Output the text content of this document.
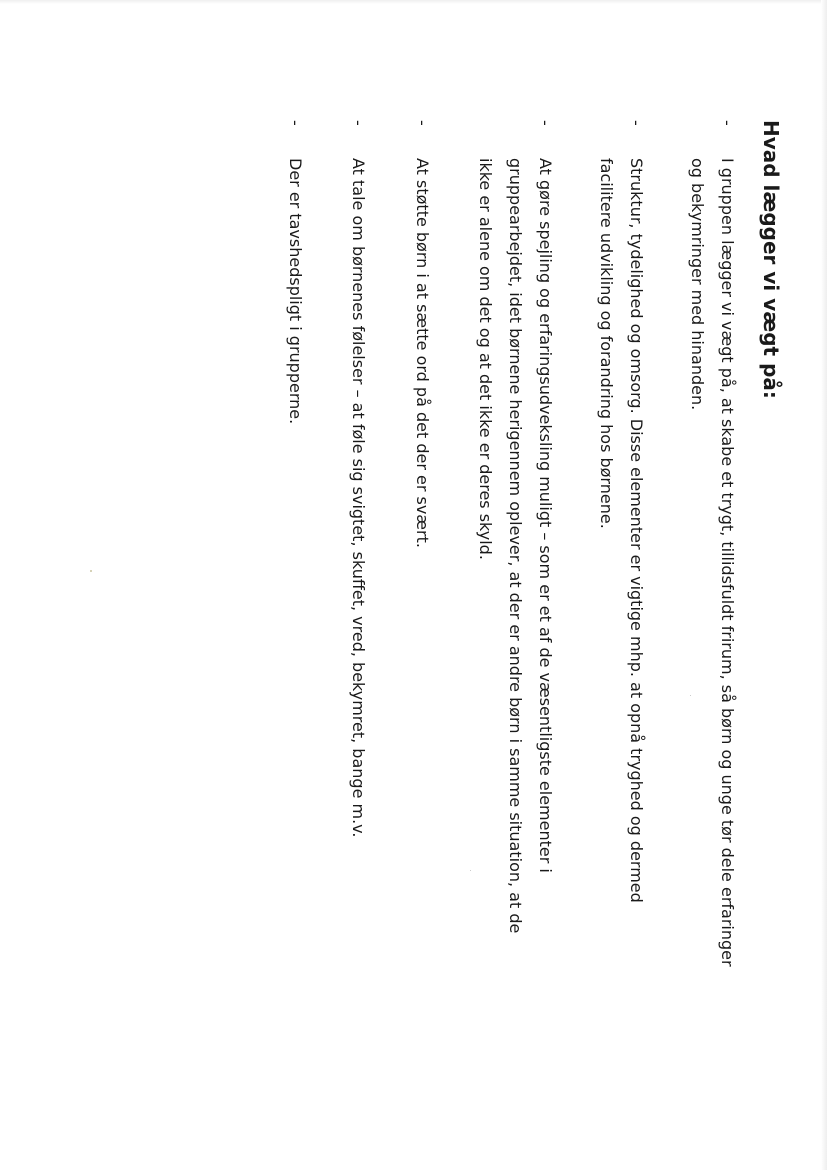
Hvad lægger vi vægt på:
-
I gruppen lægger vi vægt på, at skabe et trygt, tillidsfuldt frirum, så børn og unge tør dele erfaringer
og bekymringer med hinanden.
-
Struktur, tydelighed og omsorg. Disse elementer er vigtige mhp. at opnå tryghed og dermed
facilitere udvikling og forandring hos børnene.
-
At gøre spejling og erfaringsudveksling muligt – som er et af de væsentligste elementer i
gruppearbejdet, idet børnene herigennem oplever, at der er andre børn i samme situation, at de
ikke er alene om det og at det ikke er deres skyld.
-
At støtte børn i at sætte ord på det der er svært.
-
At tale om børnenes følelser – at føle sig svigtet, skuffet, vred, bekymret, bange m.v.
-
Der er tavshedspligt i grupperne.
